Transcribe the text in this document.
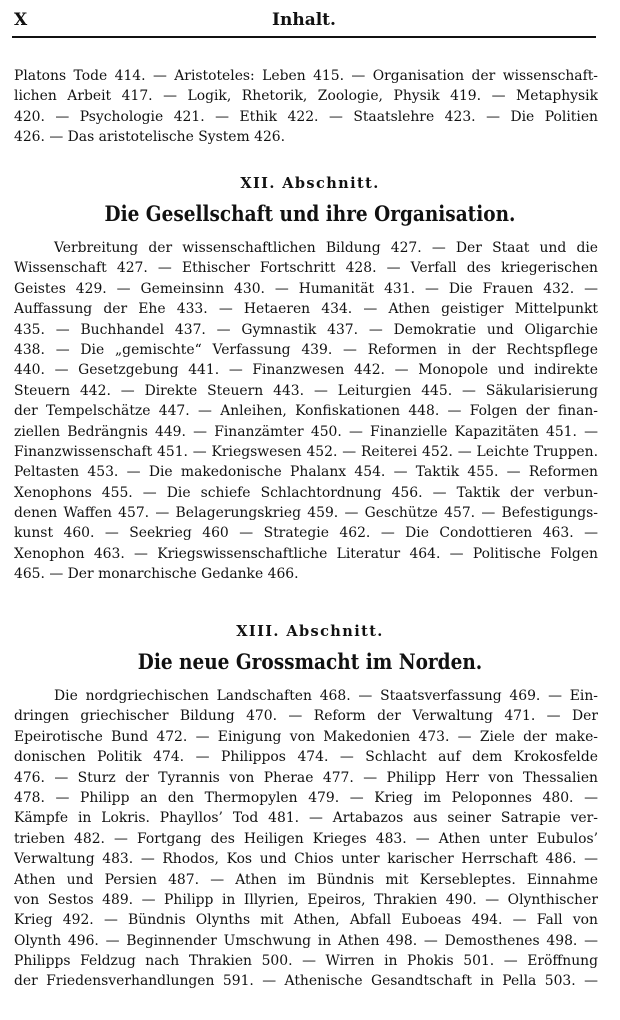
X	Inhalt.
Platons Tode 414. — Aristoteles: Leben 415. — Organisation der wissenschaft-
lichen Arbeit 417. — Logik, Rhetorik, Zoologie, Physik 419. — Metaphysik
420. — Psychologie 421. — Ethik 422. — Staatslehre 423. — Die Politien
426. — Das aristotelische System 426.
XII. Abschnitt.
Die Gesellschaft und ihre Organisation.
Verbreitung der wissenschaftlichen Bildung 427. — Der Staat und die
Wissenschaft 427. — Ethischer Fortschritt 428. — Verfall des kriegerischen
Geistes 429. — Gemeinsinn 430. — Humanität 431. — Die Frauen 432. —
Auffassung der Ehe 433. — Hetaeren 434. — Athen geistiger Mittelpunkt
435. — Buchhandel 437. — Gymnastik 437. — Demokratie und Oligarchie
438. — Die „gemischte“ Verfassung 439. — Reformen in der Rechtspflege
440. — Gesetzgebung 441. — Finanzwesen 442. — Monopole und indirekte
Steuern 442. — Direkte Steuern 443. — Leiturgien 445. — Säkularisierung
der Tempelschätze 447. — Anleihen, Konfiskationen 448. — Folgen der finan-
ziellen Bedrängnis 449. — Finanzämter 450. — Finanzielle Kapazitäten 451. —
Finanzwissenschaft 451. — Kriegswesen 452. — Reiterei 452. — Leichte Truppen.
Peltasten 453. — Die makedonische Phalanx 454. — Taktik 455. — Reformen
Xenophons 455. — Die schiefe Schlachtordnung 456. — Taktik der verbun-
denen Waffen 457. — Belagerungskrieg 459. — Geschütze 457. — Befestigungs-
kunst 460. — Seekrieg 460 — Strategie 462. — Die Condottieren 463. —
Xenophon 463. — Kriegswissenschaftliche Literatur 464. — Politische Folgen
465. — Der monarchische Gedanke 466.
XIII. Abschnitt.
Die neue Grossmacht im Norden.
Die nordgriechischen Landschaften 468. — Staatsverfassung 469. — Ein-
dringen griechischer Bildung 470. — Reform der Verwaltung 471. — Der
Epeirotische Bund 472. — Einigung von Makedonien 473. — Ziele der make-
donischen Politik 474. — Philippos 474. — Schlacht auf dem Krokosfelde
476. — Sturz der Tyrannis von Pherae 477. — Philipp Herr von Thessalien
478. — Philipp an den Thermopylen 479. — Krieg im Peloponnes 480. —
Kämpfe in Lokris. Phayllos’ Tod 481. — Artabazos aus seiner Satrapie ver-
trieben 482. — Fortgang des Heiligen Krieges 483. — Athen unter Eubulos’
Verwaltung 483. — Rhodos, Kos und Chios unter karischer Herrschaft 486. —
Athen und Persien 487. — Athen im Bündnis mit Kersebleptes. Einnahme
von Sestos 489. — Philipp in Illyrien, Epeiros, Thrakien 490. — Olynthischer
Krieg 492. — Bündnis Olynths mit Athen, Abfall Euboeas 494. — Fall von
Olynth 496. — Beginnender Umschwung in Athen 498. — Demosthenes 498. —
Philipps Feldzug nach Thrakien 500. — Wirren in Phokis 501. — Eröffnung
der Friedensverhandlungen 591. — Athenische Gesandtschaft in Pella 503. —
